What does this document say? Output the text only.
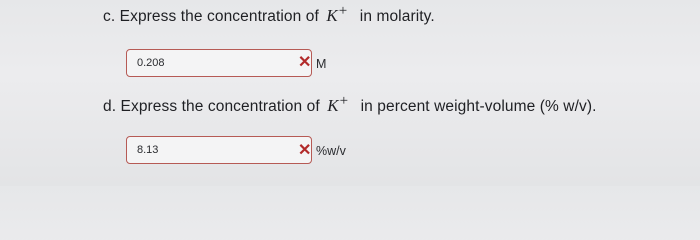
c. Express the concentration of K+ in molarity.
0.208	✕ M
d. Express the concentration of K+ in percent weight-volume (% w/v).
8.13	✕ %w/v
